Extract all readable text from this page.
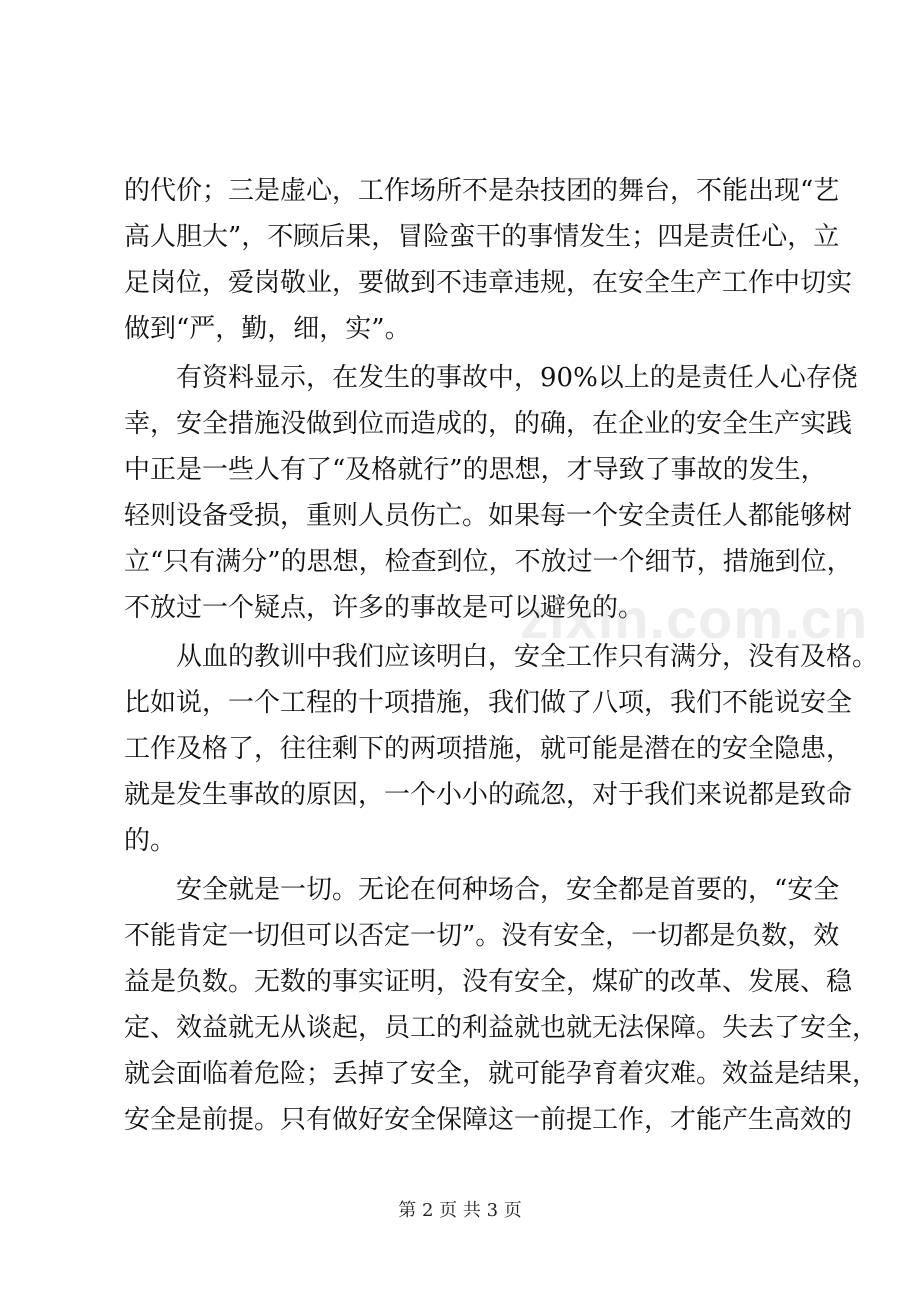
的代价；三是虚心，工作场所不是杂技团的舞台，不能出现“艺
高人胆大”，不顾后果，冒险蛮干的事情发生；四是责任心，立
足岗位，爱岗敬业，要做到不违章违规，在安全生产工作中切实
做到“严，勤，细，实”。
有资料显示，在发生的事故中，90%以上的是责任人心存侥
幸，安全措施没做到位而造成的，的确，在企业的安全生产实践
中正是一些人有了“及格就行”的思想，才导致了事故的发生，
轻则设备受损，重则人员伤亡。如果每一个安全责任人都能够树
立“只有满分”的思想，检查到位，不放过一个细节，措施到位，
不放过一个疑点，许多的事故是可以避免的。
从血的教训中我们应该明白，安全工作只有满分，没有及格。
比如说，一个工程的十项措施，我们做了八项，我们不能说安全
工作及格了，往往剩下的两项措施，就可能是潜在的安全隐患，
就是发生事故的原因，一个小小的疏忽，对于我们来说都是致命
的。
安全就是一切。无论在何种场合，安全都是首要的，“安全
不能肯定一切但可以否定一切”。没有安全，一切都是负数，效
益是负数。无数的事实证明，没有安全，煤矿的改革、发展、稳
定、效益就无从谈起，员工的利益就也就无法保障。失去了安全，
就会面临着危险；丢掉了安全，就可能孕育着灾难。效益是结果，
安全是前提。只有做好安全保障这一前提工作，才能产生高效的
zixin.com.cn
第 2 页 共 3 页
